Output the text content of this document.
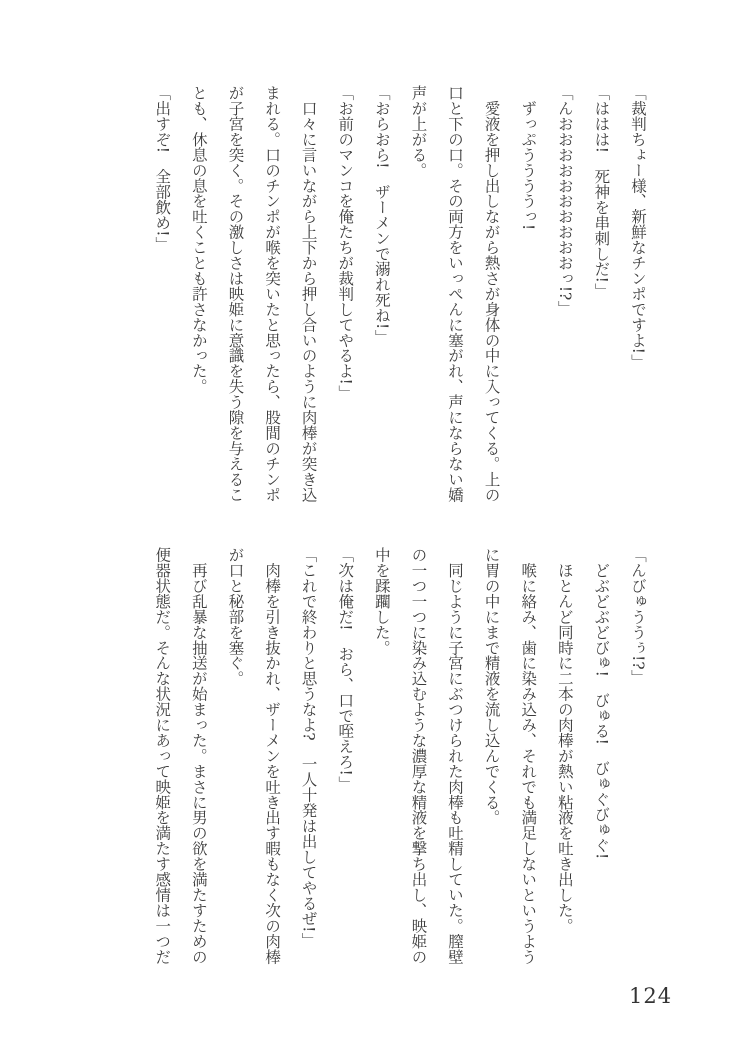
「裁判ちょー様、新鮮なチンポですよ!」

「ははは!　死神を串刺しだ!」

「んおおおおおおおおおおっ!?」

　ずっぷううううっ!

　愛液を押し出しながら熱さが身体の中に入ってくる。上の口と下の口。その両方をいっぺんに塞がれ、声にならない嬌声が上がる。

「おらおら!　ザーメンで溺れ死ね!」

「お前のマンコを俺たちが裁判してやるよ!」

　口々に言いながら上下から押し合いのように肉棒が突き込まれる。口のチンポが喉を突いたと思ったら、股間のチンポが子宮を突く。その激しさは映姫に意識を失う隙を与えることも、休息の息を吐くことも許さなかった。

「出すぞ!　全部飲め!」

「んびゅううぅ!?」

　どぶどぶどびゅ!　びゅる!　びゅぐびゅぐ!

　ほとんど同時に二本の肉棒が熱い粘液を吐き出した。

　喉に絡み、歯に染み込み、それでも満足しないというように胃の中にまで精液を流し込んでくる。

　同じように子宮にぶつけられた肉棒も吐精していた。膣壁の一つ一つに染み込むような濃厚な精液を撃ち出し、映姫の中を蹂躙した。

「次は俺だ!　おら、口で咥えろ!」

「これで終わりと思うなよ?　一人十発は出してやるぜ!」

　肉棒を引き抜かれ、ザーメンを吐き出す暇もなく次の肉棒が口と秘部を塞ぐ。

　再び乱暴な抽送が始まった。まさに男の欲を満たすための便器状態だ。そんな状況にあって映姫を満たす感情は一つだ

124
